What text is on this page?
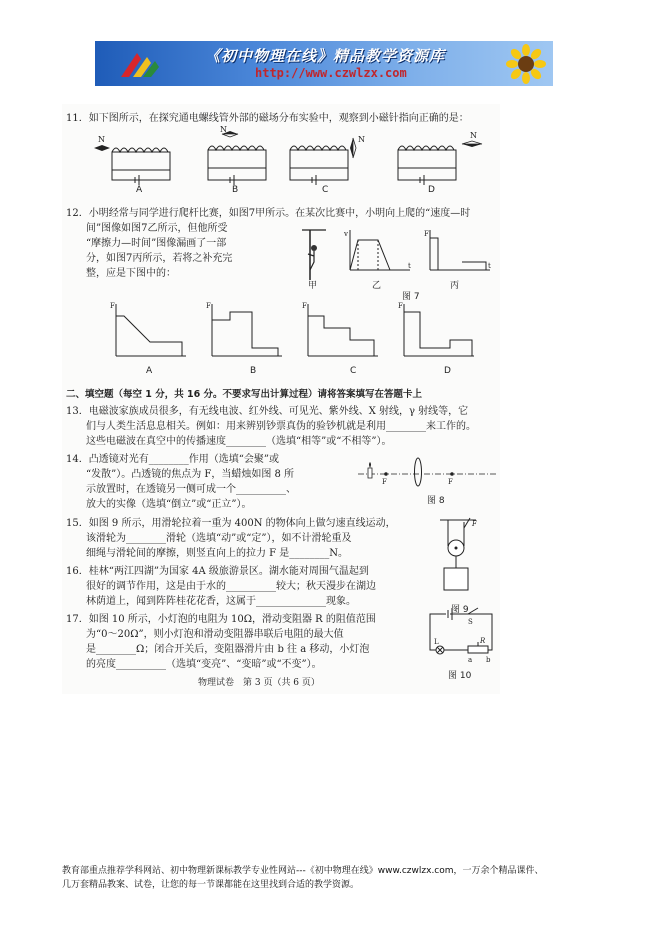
《初中物理在线》精品教学资源库
http://www.czwlzx.com
11．如下图所示，在探究通电螺线管外部的磁场分布实验中，观察到小磁针指向正确的是：
N
N
N	N
A	B	C	D
12．小明经常与同学进行爬杆比赛，如图7甲所示。在某次比赛中，小明向上爬的“速度—时
间”图像如图7乙所示，但他所受
“摩擦力—时间”图像漏画了一部
分，如图7丙所示，若将之补充完
整，应是下图中的：
甲
v
t
乙
F
t
丙
图 7
F	F	F	F
A	B	C	D
二、填空题（每空 1 分，共 16 分。不要求写出计算过程）请将答案填写在答题卡上
13．电磁波家族成员很多，有无线电波、红外线、可见光、紫外线、X 射线，γ 射线等，它
们与人类生活息息相关。例如：用来辨别钞票真伪的验钞机就是利用________来工作的。
这些电磁波在真空中的传播速度________（选填“相等”或“不相等”）。
14．凸透镜对光有________作用（选填“会聚”或
“发散”）。凸透镜的焦点为 F，当蜡烛如图 8 所
示放置时，在透镜另一侧可成一个__________、
放大的实像（选填“倒立”或“正立”）。
F	F
图 8
15．如图 9 所示，用滑轮拉着一重为 400N 的物体向上做匀速直线运动，
该滑轮为________滑轮（选填“动”或“定”），如不计滑轮重及
细绳与滑轮间的摩擦，则竖直向上的拉力 F 是________N。
F
图 9
16．桂林“两江四湖”为国家 4A 级旅游景区。湖水能对周围气温起到
很好的调节作用，这是由于水的__________较大；秋天漫步在湖边
林荫道上，闻到阵阵桂花花香，这属于______________现象。
17．如图 10 所示，小灯泡的电阻为 10Ω，滑动变阻器 R 的阻值范围
为“0～20Ω”，则小灯泡和滑动变阻器串联后电阻的最大值
是________Ω；闭合开关后，变阻器滑片由 b 往 a 移动，小灯泡
的亮度__________（选填“变亮”、“变暗”或“不变”）。
S
L	R
a b
图 10
物理试卷　第 3 页（共 6 页）
教育部重点推荐学科网站、初中物理新课标教学专业性网站---《初中物理在线》www.czwlzx.com，一万余个精品课件、
几万套精品教案、试卷，让您的每一节课都能在这里找到合适的教学资源。
